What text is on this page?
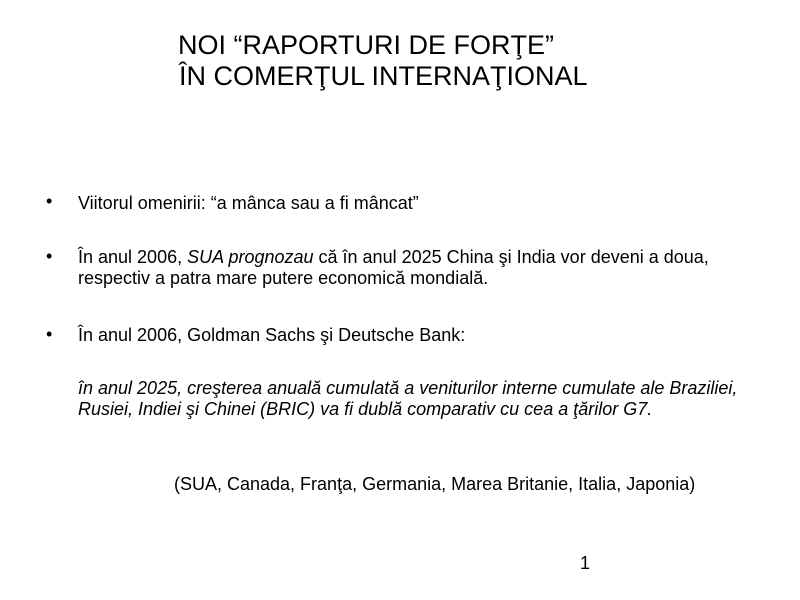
NOI “RAPORTURI DE FORŢE”
ÎN COMERŢUL INTERNAŢIONAL
• Viitorul omenirii: “a mânca sau a fi mâncat”
• În anul 2006, SUA prognozau că în anul 2025 China şi India vor deveni a doua, respectiv a patra mare putere economică mondială.
• În anul 2006, Goldman Sachs şi Deutsche Bank:
în anul 2025, creşterea anuală cumulată a veniturilor interne cumulate ale Braziliei, Rusiei, Indiei şi Chinei (BRIC) va fi dublă comparativ cu cea a ţărilor G7.
(SUA, Canada, Franţa, Germania, Marea Britanie, Italia, Japonia)
1
